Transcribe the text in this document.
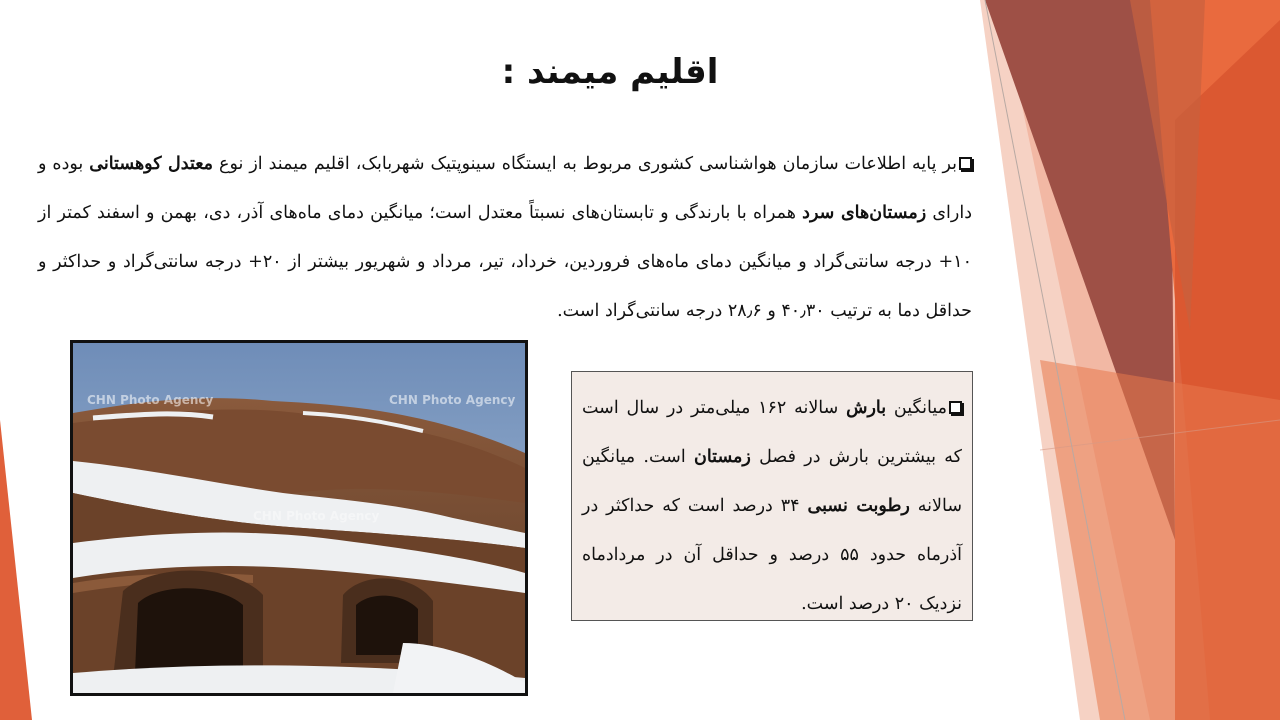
اقلیم میمند :
بر پایه اطلاعات سازمان هواشناسی کشوری مربوط به ایستگاه سینوپتیک شهربابک، اقلیم میمند از نوع معتدل کوهستانی بوده و دارای زمستان‌های سرد همراه با بارندگی و تابستان‌های نسبتاً معتدل است؛ میانگین دمای ماه‌های آذر، دی، بهمن و اسفند کمتر از ۱۰+ درجه سانتی‌گراد و میانگین دمای ماه‌های فروردین، خرداد، تیر، مرداد و شهریور بیشتر از ۲۰+ درجه سانتی‌گراد و حداکثر و حداقل دما به ترتیب ۴۰٫۳۰ و ۲۸٫۶ درجه سانتی‌گراد است.
CHN Photo Agency	CHN Photo Agency
CHN Photo Agency
میانگین بارش سالانه ۱۶۲ میلی‌متر در سال است که بیشترین بارش در فصل زمستان است. میانگین سالانه رطوبت نسبی ۳۴ درصد است که حداکثر در آذرماه حدود ۵۵ درصد و حداقل آن در مردادماه نزدیک ۲۰ درصد است.
